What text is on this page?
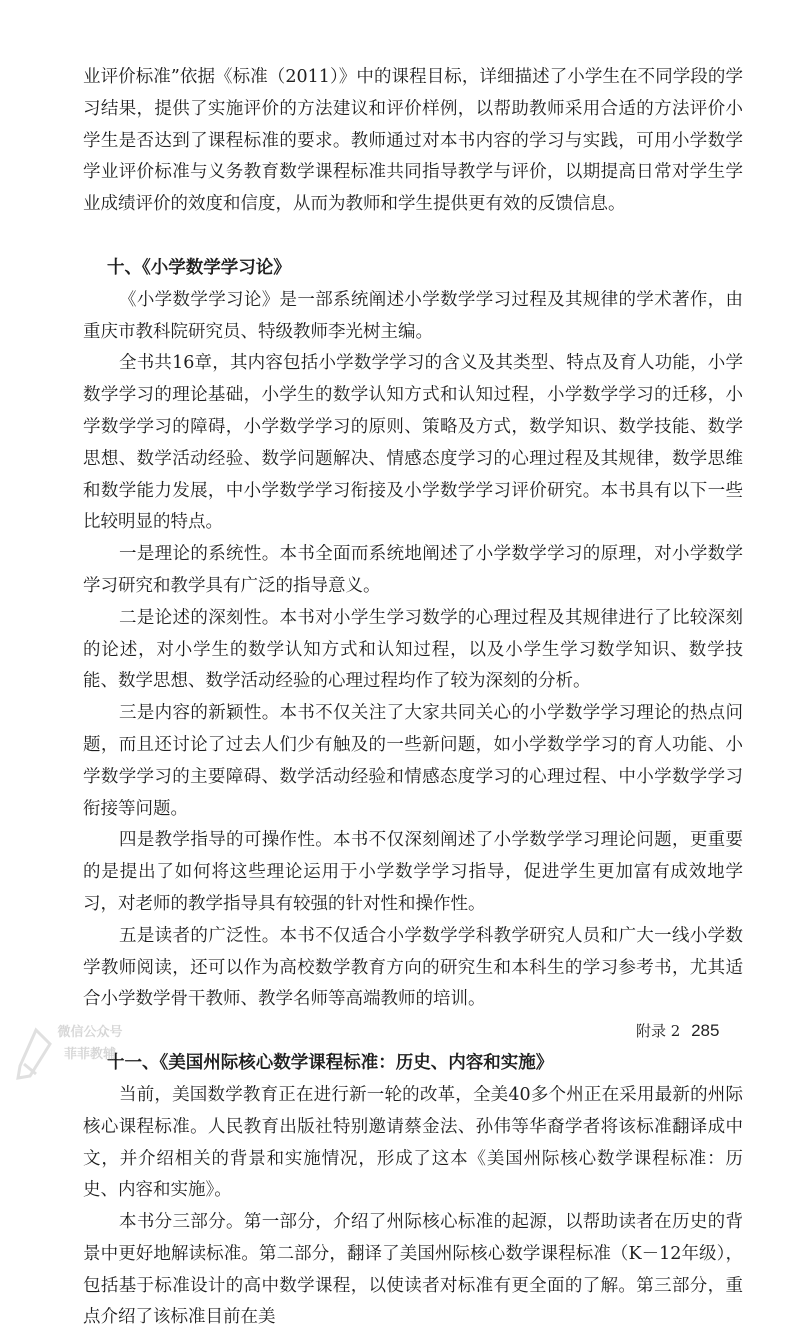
业评价标准”依据《标准（2011）》中的课程目标，详细描述了小学生在不同学段的学习结果，提供了实施评价的方法建议和评价样例，以帮助教师采用合适的方法评价小学生是否达到了课程标准的要求。教师通过对本书内容的学习与实践，可用小学数学学业评价标准与义务教育数学课程标准共同指导教学与评价，以期提高日常对学生学业成绩评价的效度和信度，从而为教师和学生提供更有效的反馈信息。

十、《小学数学学习论》

《小学数学学习论》是一部系统阐述小学数学学习过程及其规律的学术著作，由重庆市教科院研究员、特级教师李光树主编。

全书共16章，其内容包括小学数学学习的含义及其类型、特点及育人功能，小学数学学习的理论基础，小学生的数学认知方式和认知过程，小学数学学习的迁移，小学数学学习的障碍，小学数学学习的原则、策略及方式，数学知识、数学技能、数学思想、数学活动经验、数学问题解决、情感态度学习的心理过程及其规律，数学思维和数学能力发展，中小学数学学习衔接及小学数学学习评价研究。本书具有以下一些比较明显的特点。

一是理论的系统性。本书全面而系统地阐述了小学数学学习的原理，对小学数学学习研究和教学具有广泛的指导意义。

二是论述的深刻性。本书对小学生学习数学的心理过程及其规律进行了比较深刻的论述，对小学生的数学认知方式和认知过程，以及小学生学习数学知识、数学技能、数学思想、数学活动经验的心理过程均作了较为深刻的分析。

三是内容的新颖性。本书不仅关注了大家共同关心的小学数学学习理论的热点问题，而且还讨论了过去人们少有触及的一些新问题，如小学数学学习的育人功能、小学数学学习的主要障碍、数学活动经验和情感态度学习的心理过程、中小学数学学习衔接等问题。

四是教学指导的可操作性。本书不仅深刻阐述了小学数学学习理论问题，更重要的是提出了如何将这些理论运用于小学数学学习指导，促进学生更加富有成效地学习，对老师的教学指导具有较强的针对性和操作性。

五是读者的广泛性。本书不仅适合小学数学学科教学研究人员和广大一线小学数学教师阅读，还可以作为高校数学教育方向的研究生和本科生的学习参考书，尤其适合小学数学骨干教师、教学名师等高端教师的培训。

十一、《美国州际核心数学课程标准：历史、内容和实施》

当前，美国数学教育正在进行新一轮的改革，全美40多个州正在采用最新的州际核心课程标准。人民教育出版社特别邀请蔡金法、孙伟等华裔学者将该标准翻译成中文，并介绍相关的背景和实施情况，形成了这本《美国州际核心数学课程标准：历史、内容和实施》。

本书分三部分。第一部分，介绍了州际核心标准的起源，以帮助读者在历史的背景中更好地解读标准。第二部分，翻译了美国州际核心数学课程标准（K－12年级），包括基于标准设计的高中数学课程，以使读者对标准有更全面的了解。第三部分，重点介绍了该标准目前在美

微信公众号
菲菲教辅
附录 2 285
